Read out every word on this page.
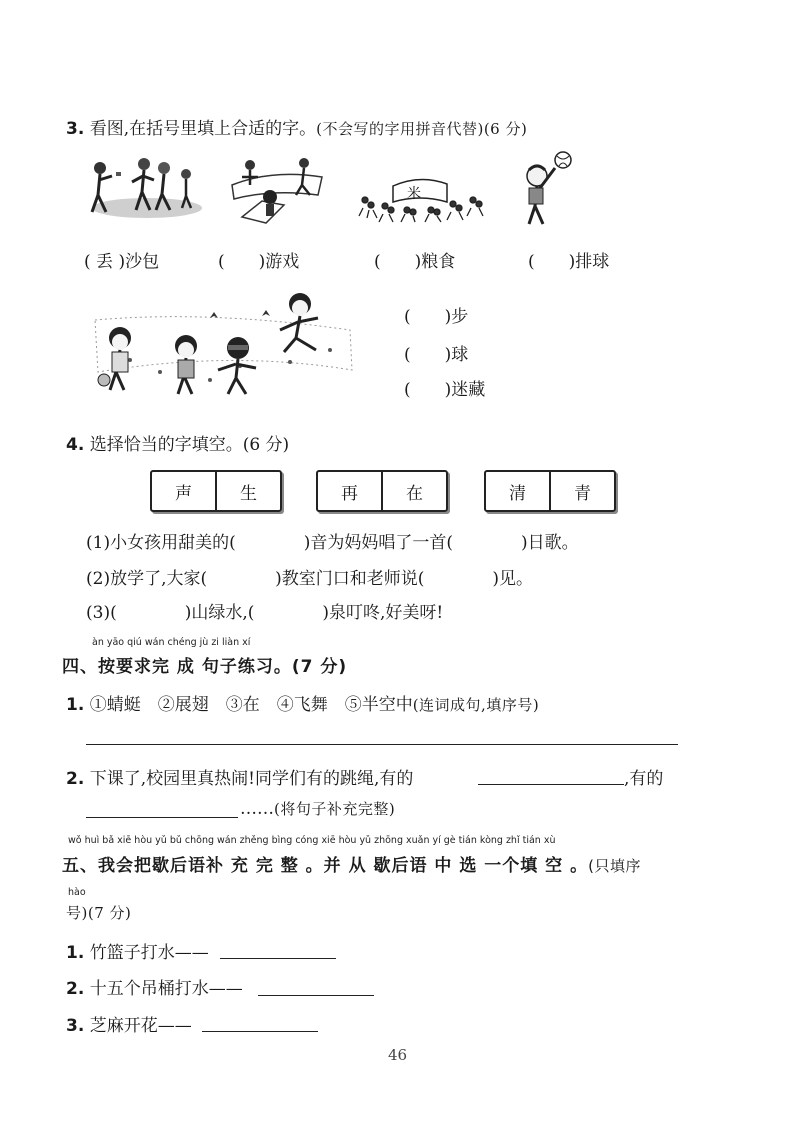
3. 看图,在括号里填上合适的字。(不会写的字用拼音代替)(6 分)
米
( 丢 )沙包	(　　)游戏	(　　)粮食	(　　)排球
(　　)步
(　　)球
(　　)迷藏
4. 选择恰当的字填空。(6 分)
声	生	再	在	清	青
(1)小女孩用甜美的(　　　　)音为妈妈唱了一首(　　　　)日歌。
(2)放学了,大家(　　　　)教室门口和老师说(　　　　)见。
(3)(　　　　)山绿水,(　　　　)泉叮咚,好美呀!
àn yāo qiú wán chéng jù zi liàn xí
四、按要求完 成 句子练习。(7 分)
1. ①蜻蜓　②展翅　③在　④飞舞　⑤半空中(连词成句,填序号)
2. 下课了,校园里真热闹!同学们有的跳绳,有的	,有的
……(将句子补充完整)
wǒ huì bǎ xiē hòu yǔ bǔ chōng wán zhěng bìng cóng xiē hòu yǔ zhōng xuǎn yí gè tián kòng zhǐ tián xù
五、我会把歇后语补 充 完 整 。并 从 歇后语 中 选 一个填 空 。(只填序
hào
号)(7 分)
1. 竹篮子打水——
2. 十五个吊桶打水——
3. 芝麻开花——
46
